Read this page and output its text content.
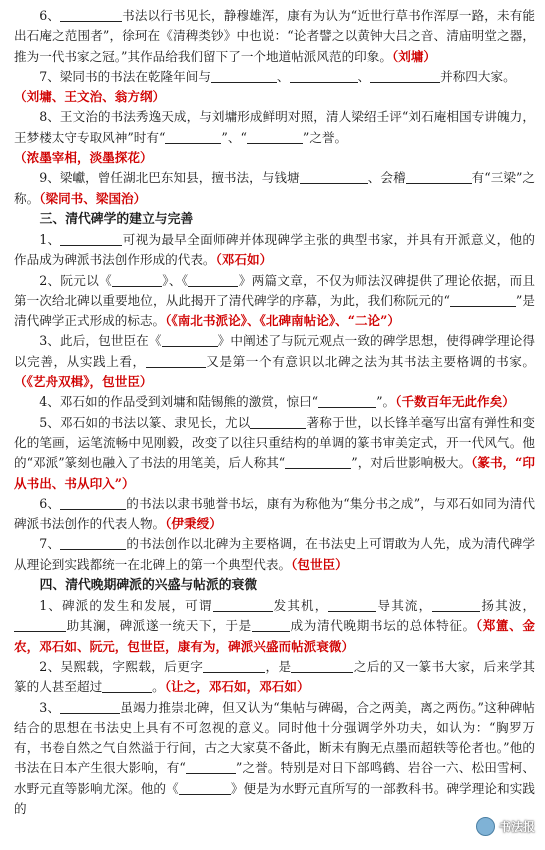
6、	书法以行书见长，静穆雄浑，康有为认为“近世行草书作浑厚一路，未有能出石庵之范围者”，徐珂在《清稗类钞》中也说：“论者譬之以黄钟大吕之音、清庙明堂之器，推为一代书家之冠。”其作品给我们留下了一个地道帖派风范的印象。（刘墉）

7、梁同书的书法在乾隆年间与	、	、	并称四大家。
（刘墉、王文治、翁方纲）

8、王文治的书法秀逸天成，与刘墉形成鲜明对照，清人梁绍壬评“刘石庵相国专讲魄力，王梦楼太守专取风神”时有“	”、“	”之誉。
（浓墨宰相，淡墨探花）

9、梁巘，曾任湖北巴东知县，擅书法，与钱塘	、会稽	有“三梁”之称。（梁同书、梁国治）

三、清代碑学的建立与完善

1、	可视为最早全面师碑并体现碑学主张的典型书家，并具有开派意义，他的作品成为碑派书法创作形成的代表。（邓石如）

2、阮元以《	》、《	》两篇文章，不仅为师法汉碑提供了理论依据，而且第一次给北碑以重要地位，从此揭开了清代碑学的序幕，为此，我们称阮元的“	”是清代碑学正式形成的标志。（《南北书派论》、《北碑南帖论》、“二论”）

3、此后，包世臣在《	》中阐述了与阮元观点一致的碑学思想，使得碑学理论得以完善，从实践上看，	又是第一个有意识以北碑之法为其书法主要格调的书家。（《艺舟双楫》，包世臣）

4、邓石如的作品受到刘墉和陆锡熊的激赏，惊曰“	”。（千数百年无此作矣）

5、邓石如的书法以篆、隶见长，尤以	著称于世，以长锋羊毫写出富有弹性和变化的笔画，运笔流畅中见刚毅，改变了以往只重结构的单调的篆书审美定式，开一代风气。他的“邓派”篆刻也融入了书法的用笔美，后人称其“	”，对后世影响极大。（篆书，“印从书出、书从印入”）

6、	的书法以隶书驰誉书坛，康有为称他为“集分书之成”，与邓石如同为清代碑派书法创作的代表人物。（伊秉绶）

7、	的书法创作以北碑为主要格调，在书法史上可谓敢为人先，成为清代碑学从理论到实践都统一在北碑上的第一个典型代表。（包世臣）

四、清代晚期碑派的兴盛与帖派的衰微

1、碑派的发生和发展，可谓	发其机，	导其流，	扬其波，助其澜，碑派遂一统天下，于是	成为清代晚期书坛的总体特征。（郑簠、金农，邓石如、阮元，包世臣，康有为，碑派兴盛而帖派衰微）

2、吴熙载，字熙载，后更字	，是	之后的又一篆书大家，后来学其篆的人甚至超过	。（让之，邓石如，邓石如）

3、	虽竭力推崇北碑，但又认为“集帖与碑碣，合之两美，离之两伤。”这种碑帖结合的思想在书法史上具有不可忽视的意义。同时他十分强调学外功夫，如认为：“胸罗万有，书卷自然之气自然溢于行间，古之大家莫不备此，断未有胸无点墨而超轶等伦者也。”他的书法在日本产生很大影响，有“	”之誉。特别是对日下部鸣鹤、岩谷一六、松田雪柯、水野元直等影响尤深。他的《	》便是为水野元直所写的一部教科书。碑学理论和实践的

书法报
